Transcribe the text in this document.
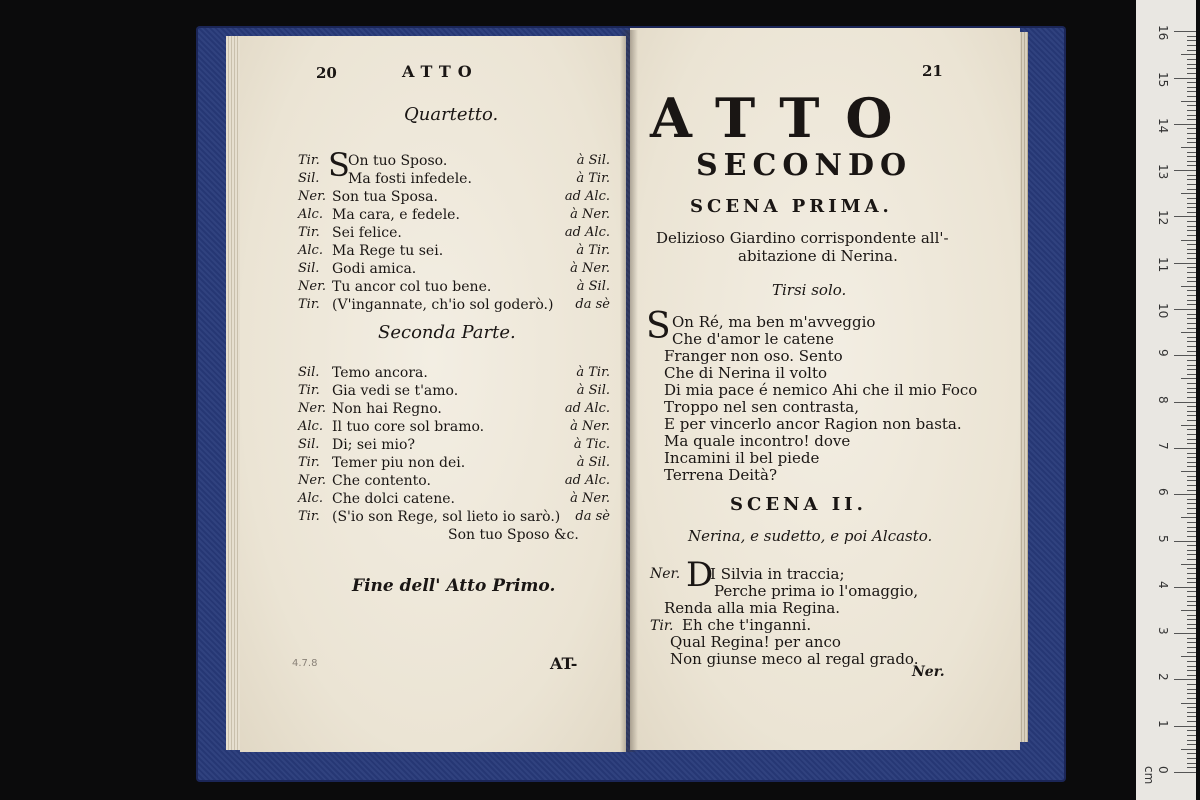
20	ATTO
Quartetto.
S
Tir. On tuo Sposo.	à Sil.
Sil. Ma fosti infedele.	à Tir.
Ner. Son tua Sposa.	ad Alc.
Alc. Ma cara, e fedele.	à Ner.
Tir. Sei felice.	ad Alc.
Alc. Ma Rege tu sei.	à Tir.
Sil. Godi amica.	à Ner.
Ner. Tu ancor col tuo bene.	à Sil.
Tir. (V'ingannate, ch'io sol goderò.) da sè
Seconda Parte.
Sil. Temo ancora.	à Tir.
Tir. Gia vedi se t'amo.	à Sil.
Ner. Non hai Regno.	ad Alc.
Alc. Il tuo core sol bramo.	à Ner.
Sil. Di; sei mio?	à Tic.
Tir. Temer piu non dei.	à Sil.
Ner. Che contento.	ad Alc.
Alc. Che dolci catene.	à Ner.
Tir. (S'io son Rege, sol lieto io sarò.) da sè
Son tuo Sposo &c.
Fine dell' Atto Primo.
AT-
4.7.8
21
ATTO
SECONDO
SCENA PRIMA.
Delizioso Giardino corrispondente all'-
abitazione di Nerina.
Tirsi solo.
S On Ré, ma ben m'avveggio
Che d'amor le catene
Franger non oso. Sento
Che di Nerina il volto
Di mia pace é nemico Ahi che il mio Foco
Troppo nel sen contrasta,
E per vincerlo ancor Ragion non basta.
Ma quale incontro! dove
Incamini il bel piede
Terrena Deità?
SCENA II.
Nerina, e sudetto, e poi Alcasto.
Ner. D
I Silvia in traccia;
Perche prima io l'omaggio,
Renda alla mia Regina.
Tir. Eh che t'inganni.
Qual Regina! per anco
Non giunse meco al regal grado.
Ner.
0 cm
1
2
3
4
5
6
7
8
9
10
11
12
13
14
15
16
